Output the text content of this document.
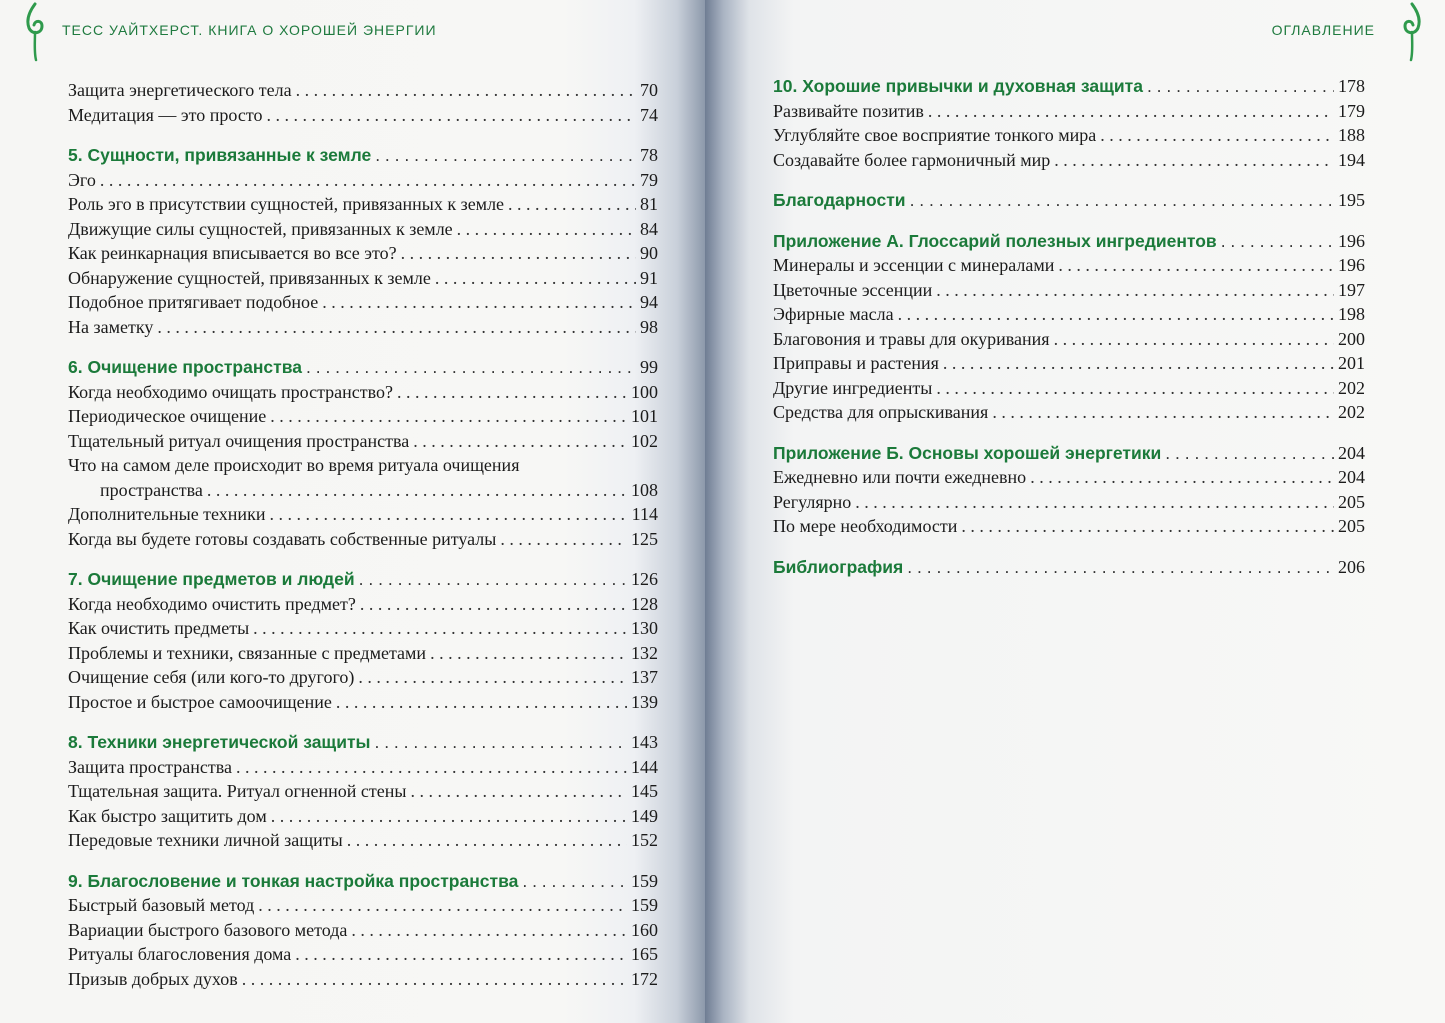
ТЕСС УАЙТХЕРСТ. КНИГА О ХОРОШЕЙ ЭНЕРГИИ
Защита энергетического тела . . .	70
Медитация — это просто . . .	74
5. Сущности, привязанные к земле . . .	78
Эго . . .	79
Роль эго в присутствии сущностей, привязанных к земле . . .	81
Движущие силы сущностей, привязанных к земле . . .	84
Как реинкарнация вписывается во все это? . . .	90
Обнаружение сущностей, привязанных к земле . . .	91
Подобное притягивает подобное . . .	94
На заметку . . .	98
6. Очищение пространства . . .	99
Когда необходимо очищать пространство? . . .	100
Периодическое очищение . . .	101
Тщательный ритуал очищения пространства . . .	102
Что на самом деле происходит во время ритуала очищения
пространства . . .	108
Дополнительные техники . . .	114
Когда вы будете готовы создавать собственные ритуалы . . .	125
7. Очищение предметов и людей . . .	126
Когда необходимо очистить предмет? . . .	128
Как очистить предметы . . .	130
Проблемы и техники, связанные с предметами . . .	132
Очищение себя (или кого-то другого) . . .	137
Простое и быстрое самоочищение . . .	139
8. Техники энергетической защиты . . .	143
Защита пространства . . .	144
Тщательная защита. Ритуал огненной стены . . .	145
Как быстро защитить дом . . .	149
Передовые техники личной защиты . . .	152
9. Благословение и тонкая настройка пространства . . .	159
Быстрый базовый метод . . .	159
Вариации быстрого базового метода . . .	160
Ритуалы благословения дома . . .	165
Призыв добрых духов . . .	172
ОГЛАВЛЕНИЕ
10. Хорошие привычки и духовная защита . . .	178
Развивайте позитив . . .	179
Углубляйте свое восприятие тонкого мира . . .	188
Создавайте более гармоничный мир . . .	194
Благодарности . . .	195
Приложение А. Глоссарий полезных ингредиентов . . .	196
Минералы и эссенции с минералами . . .	196
Цветочные эссенции . . .	197
Эфирные масла . . .	198
Благовония и травы для окуривания . . .	200
Приправы и растения . . .	201
Другие ингредиенты . . .	202
Средства для опрыскивания . . .	202
Приложение Б. Основы хорошей энергетики . . .	204
Ежедневно или почти ежедневно . . .	204
Регулярно . . .	205
По мере необходимости . . .	205
Библиография . . .	206
